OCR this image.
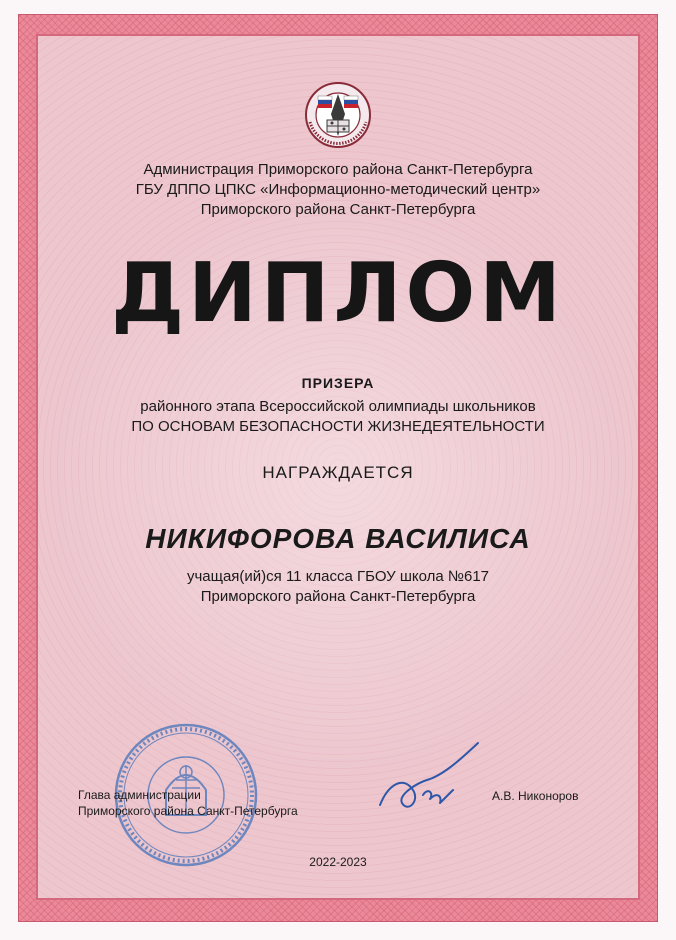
Администрация Приморского района Санкт-Петербурга
ГБУ ДППО ЦПКС «Информационно-методический центр»
Приморского района Санкт-Петербурга
ДИПЛОМ
ПРИЗЕРА
районного этапа Всероссийской олимпиады школьников
ПО ОСНОВАМ БЕЗОПАСНОСТИ ЖИЗНЕДЕЯТЕЛЬНОСТИ
НАГРАЖДАЕТСЯ
НИКИФОРОВА ВАСИЛИСА
учащая(ий)ся 11 класса ГБОУ школа №617
Приморского района Санкт-Петербурга
Глава администрации
Приморского района Санкт-Петербурга
А.В. Никоноров
2022-2023
